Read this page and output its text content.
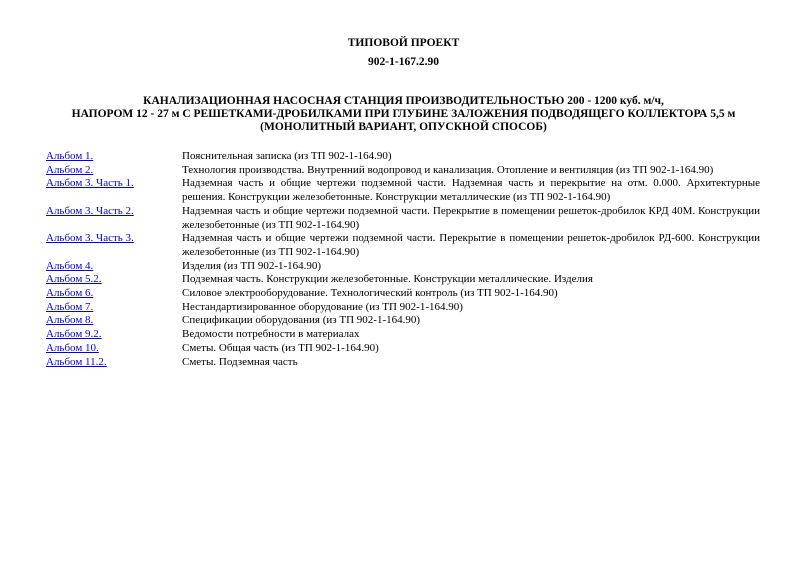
ТИПОВОЙ ПРОЕКТ
902-1-167.2.90
КАНАЛИЗАЦИОННАЯ НАСОСНАЯ СТАНЦИЯ ПРОИЗВОДИТЕЛЬНОСТЬЮ 200 - 1200 куб. м/ч,
НАПОРОМ 12 - 27 м С РЕШЕТКАМИ-ДРОБИЛКАМИ ПРИ ГЛУБИНЕ ЗАЛОЖЕНИЯ ПОДВОДЯЩЕГО КОЛЛЕКТОРА 5,5 м
(МОНОЛИТНЫЙ ВАРИАНТ, ОПУСКНОЙ СПОСОБ)
Альбом 1.	Пояснительная записка (из ТП 902-1-164.90)
Альбом 2.	Технология производства. Внутренний водопровод и канализация. Отопление и вентиляция (из ТП 902-1-164.90)
Альбом 3. Часть 1.	Надземная часть и общие чертежи подземной части. Надземная часть и перекрытие на отм. 0.000. Архитектурные решения. Конструкции железобетонные. Конструкции металлические (из ТП 902-1-164.90)
Альбом 3. Часть 2.	Надземная часть и общие чертежи подземной части. Перекрытие в помещении решеток-дробилок КРД 40М. Конструкции железобетонные (из ТП 902-1-164.90)
Альбом 3. Часть 3.	Надземная часть и общие чертежи подземной части. Перекрытие в помещении решеток-дробилок РД-600. Конструкции железобетонные (из ТП 902-1-164.90)
Альбом 4.	Изделия (из ТП 902-1-164.90)
Альбом 5.2.	Подземная часть. Конструкции железобетонные. Конструкции металлические. Изделия
Альбом 6.	Силовое электрооборудование. Технологический контроль (из ТП 902-1-164.90)
Альбом 7.	Нестандартизированное оборудование (из ТП 902-1-164.90)
Альбом 8.	Спецификации оборудования (из ТП 902-1-164.90)
Альбом 9.2.	Ведомости потребности в материалах
Альбом 10.	Сметы. Общая часть (из ТП 902-1-164.90)
Альбом 11.2.	Сметы. Подземная часть
